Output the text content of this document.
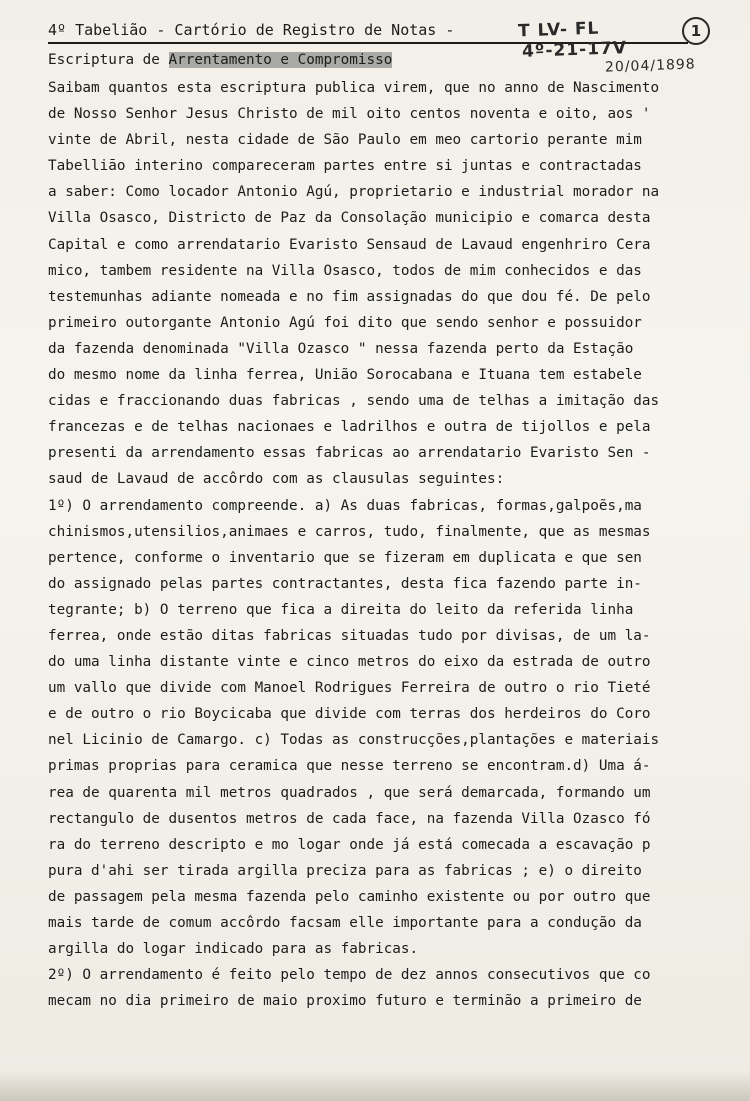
4º Tabelião - Cartório de Registro de Notas -	T LV- FL
4º-21-17V
20/04/1898
1
Escriptura de Arrentamento e Compromisso
Saibam quantos esta escriptura publica virem, que no anno de Nascimento
de Nosso Senhor Jesus Christo de mil oito centos noventa e oito, aos '
vinte de Abril, nesta cidade de São Paulo em meo cartorio perante mim
Tabelliāo interino compareceram partes entre si juntas e contractadas
a saber: Como locador Antonio Agú, proprietario e industrial morador na
Villa Osasco, Districto de Paz da Consolação municipio e comarca desta
Capital e como arrendatario Evaristo Sensaud de Lavaud engenhriro Cera
mico, tambem residente na Villa Osasco, todos de mim conhecidos e das
testemunhas adiante nomeada e no fim assignadas do que dou fé. De pelo
primeiro outorgante Antonio Agú foi dito que sendo senhor e possuidor
da fazenda denominada "Villa Ozasco " nessa fazenda perto da Estação
do mesmo nome da linha ferrea, União Sorocabana e Ituana tem estabele
cidas e fraccionando duas fabricas , sendo uma de telhas a imitação das
francezas e de telhas nacionaes e ladrilhos e outra de tijollos e pela
presenti da arrendamento essas fabricas ao arrendatario Evaristo Sen -
saud de Lavaud de accôrdo com as clausulas seguintes:
1º) O arrendamento compreende. a) As duas fabricas, formas,galpoẽs,ma
chinismos,utensilios,animaes e carros, tudo, finalmente, que as mesmas
pertence, conforme o inventario que se fizeram em duplicata e que sen
do assignado pelas partes contractantes, desta fica fazendo parte in-
tegrante; b) O terreno que fica a direita do leito da referida linha
ferrea, onde estão ditas fabricas situadas tudo por divisas, de um la-
do uma linha distante vinte e cinco metros do eixo da estrada de outro
um vallo que divide com Manoel Rodrigues Ferreira de outro o rio Tieté
e de outro o rio Boycicaba que divide com terras dos herdeiros do Coro
nel Licinio de Camargo. c) Todas as construcções,plantações e materiais
primas proprias para ceramica que nesse terreno se encontram.d) Uma á-
rea de quarenta mil metros quadrados , que será demarcada, formando um
rectangulo de dusentos metros de cada face, na fazenda Villa Ozasco fó
ra do terreno descripto e mo logar onde já está comecada a escavação p
pura d'ahi ser tirada argilla preciza para as fabricas ; e) o direito
de passagem pela mesma fazenda pelo caminho existente ou por outro que
mais tarde de comum accôrdo facsam elle importante para a condução da
argilla do logar indicado para as fabricas.
2º) O arrendamento é feito pelo tempo de dez annos consecutivos que co
mecam no dia primeiro de maio proximo futuro e terminão a primeiro de
